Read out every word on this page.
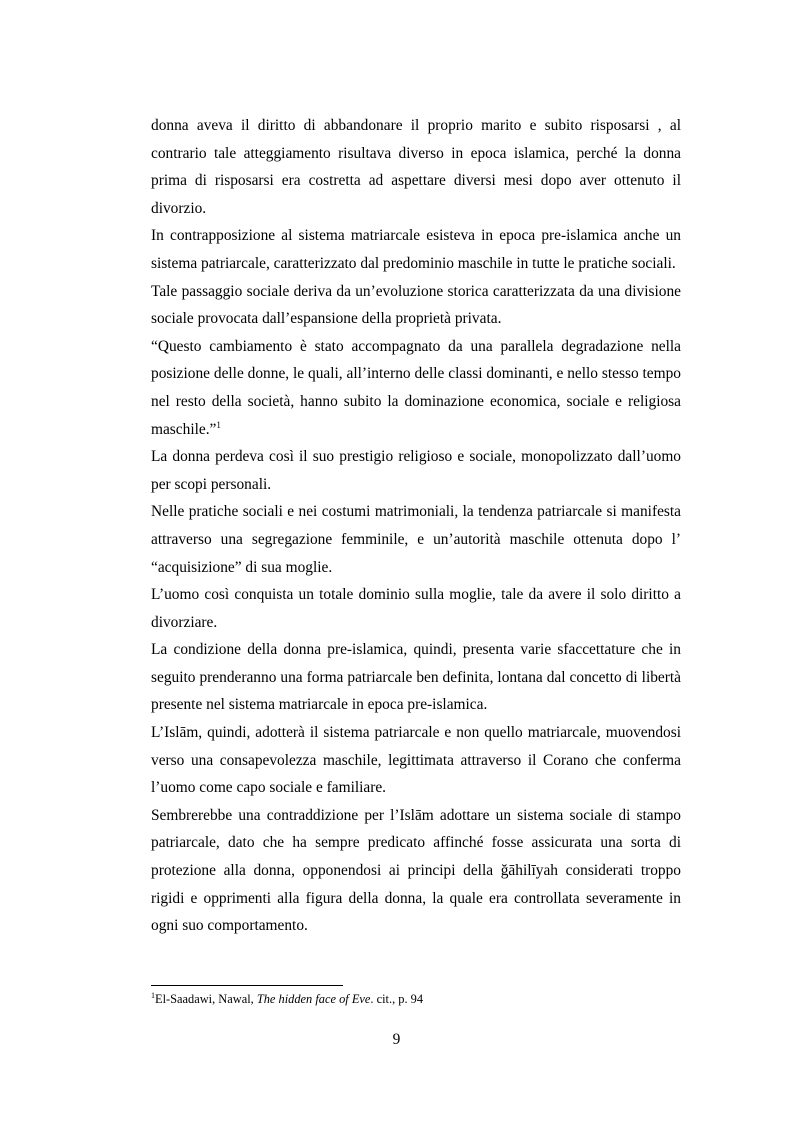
donna aveva il diritto di abbandonare il proprio marito e subito risposarsi , al contrario tale atteggiamento risultava diverso in epoca islamica, perché la donna prima di risposarsi era costretta ad aspettare diversi mesi dopo aver ottenuto il divorzio.

In contrapposizione al sistema matriarcale esisteva in epoca pre-islamica anche un sistema patriarcale, caratterizzato dal predominio maschile in tutte le pratiche sociali.

Tale passaggio sociale deriva da un’evoluzione storica caratterizzata da una divisione sociale provocata dall’espansione della proprietà privata.

“Questo cambiamento è stato accompagnato da una parallela degradazione nella posizione delle donne, le quali, all’interno delle classi dominanti, e nello stesso tempo nel resto della società, hanno subito la dominazione economica, sociale e religiosa maschile.”$^1$

La donna perdeva così il suo prestigio religioso e sociale, monopolizzato dall’uomo per scopi personali.

Nelle pratiche sociali e nei costumi matrimoniali, la tendenza patriarcale si manifesta attraverso una segregazione femminile, e un’autorità maschile ottenuta dopo l’ “acquisizione” di sua moglie.

L’uomo così conquista un totale dominio sulla moglie, tale da avere il solo diritto a divorziare.

La condizione della donna pre-islamica, quindi, presenta varie sfaccettature che in seguito prenderanno una forma patriarcale ben definita, lontana dal concetto di libertà presente nel sistema matriarcale in epoca pre-islamica.

L’Islām, quindi, adotterà il sistema patriarcale e non quello matriarcale, muovendosi verso una consapevolezza maschile, legittimata attraverso il Corano che conferma l’uomo come capo sociale e familiare.

Sembrerebbe una contraddizione per l’Islām adottare un sistema sociale di stampo patriarcale, dato che ha sempre predicato affinché fosse assicurata una sorta di protezione alla donna, opponendosi ai principi della ğāhilīyah considerati troppo rigidi e opprimenti alla figura della donna, la quale era controllata severamente in ogni suo comportamento.

$^1$El-Saadawi, Nawal, The hidden face of Eve. cit., p. 94
9
